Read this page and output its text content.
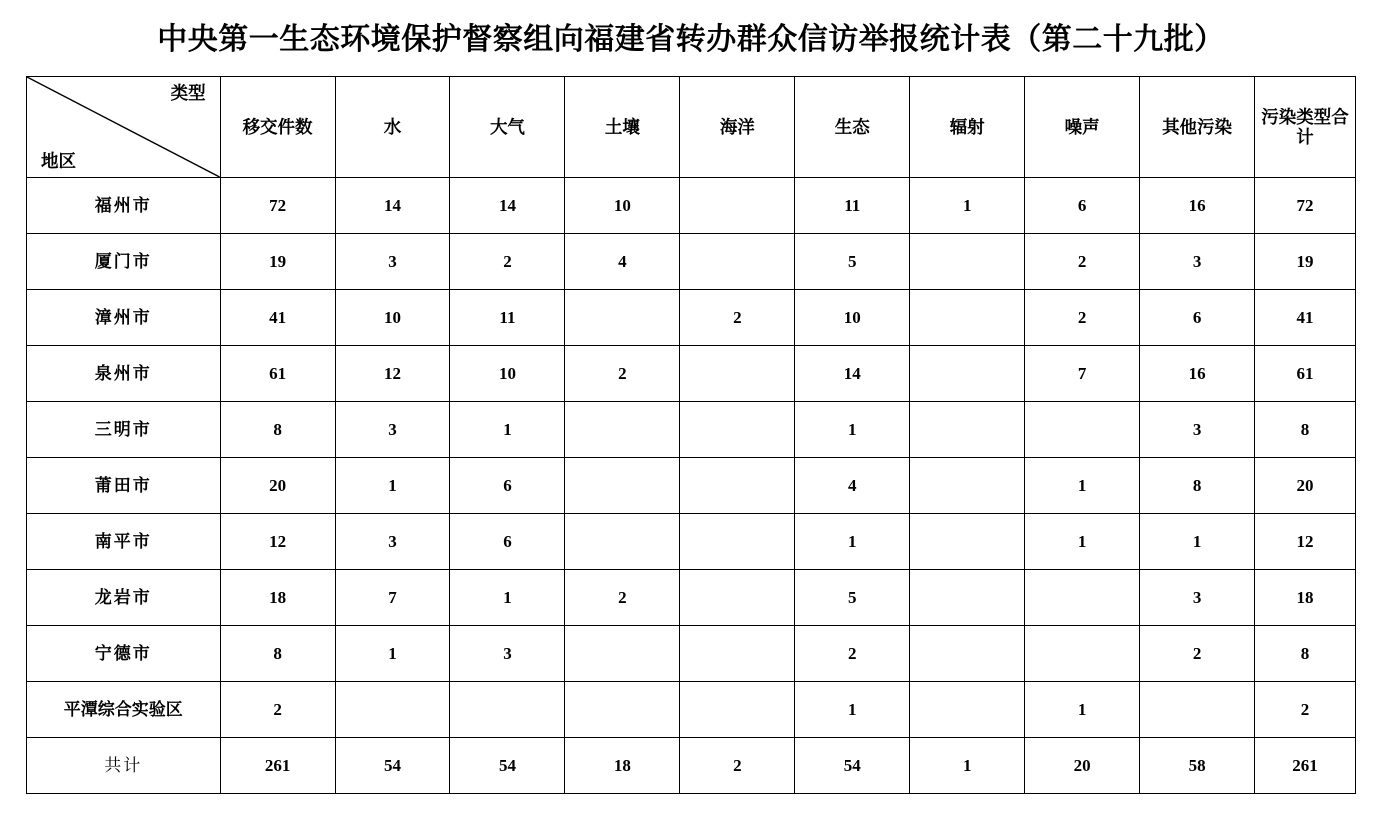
中央第一生态环境保护督察组向福建省转办群众信访举报统计表（第二十九批）
类型
地区	移交件数	水	大气	土壤	海洋	生态	辐射	噪声	其他污染	污染类型合计
福州市	72	14	14	10		11	1	6	16	72
厦门市	19	3	2	4		5		2	3	19
漳州市	41	10	11		2	10		2	6	41
泉州市	61	12	10	2		14		7	16	61
三明市	8	3	1			1			3	8
莆田市	20	1	6			4		1	8	20
南平市	12	3	6			1		1	1	12
龙岩市	18	7	1	2		5			3	18
宁德市	8	1	3			2			2	8
平潭综合实验区	2					1		1		2
共计	261	54	54	18	2	54	1	20	58	261
